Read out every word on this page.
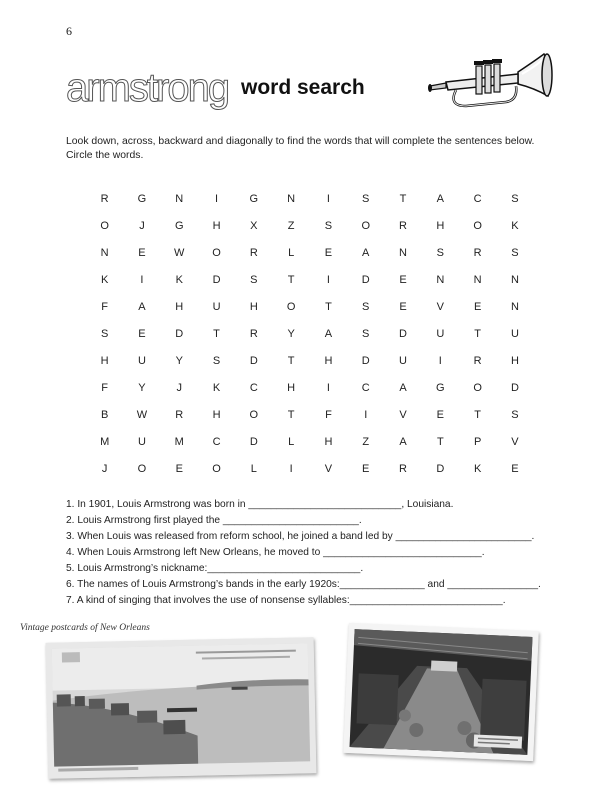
6
armstrong word search
Look down, across, backward and diagonally to find the words that will complete the sentences below. Circle the words.
R	G	N	I	G	N	I	S	T	A	C	S
O	J	G	H	X	Z	S	O	R	H	O	K
N	E	W	O	R	L	E	A	N	S	R	S
K	I	K	D	S	T	I	D	E	N	N	N
F	A	H	U	H	O	T	S	E	V	E	N
S	E	D	T	R	Y	A	S	D	U	T	U
H	U	Y	S	D	T	H	D	U	I	R	H
F	Y	J	K	C	H	I	C	A	G	O	D
B	W	R	H	O	T	F	I	V	E	T	S
M	U	M	C	D	L	H	Z	A	T	P	V
J	O	E	O	L	I	V	E	R	D	K	E
1. In 1901, Louis Armstrong was born in ___________________________, Louisiana.
2. Louis Armstrong first played the ________________________.
3. When Louis was released from reform school, he joined a band led by ________________________.
4. When Louis Armstrong left New Orleans, he moved to ____________________________.
5. Louis Armstrong’s nickname:___________________________.
6. The names of Louis Armstrong’s bands in the early 1920s:_______________ and ________________.
7. A kind of singing that involves the use of nonsense syllables:___________________________.
Vintage postcards of New Orleans
